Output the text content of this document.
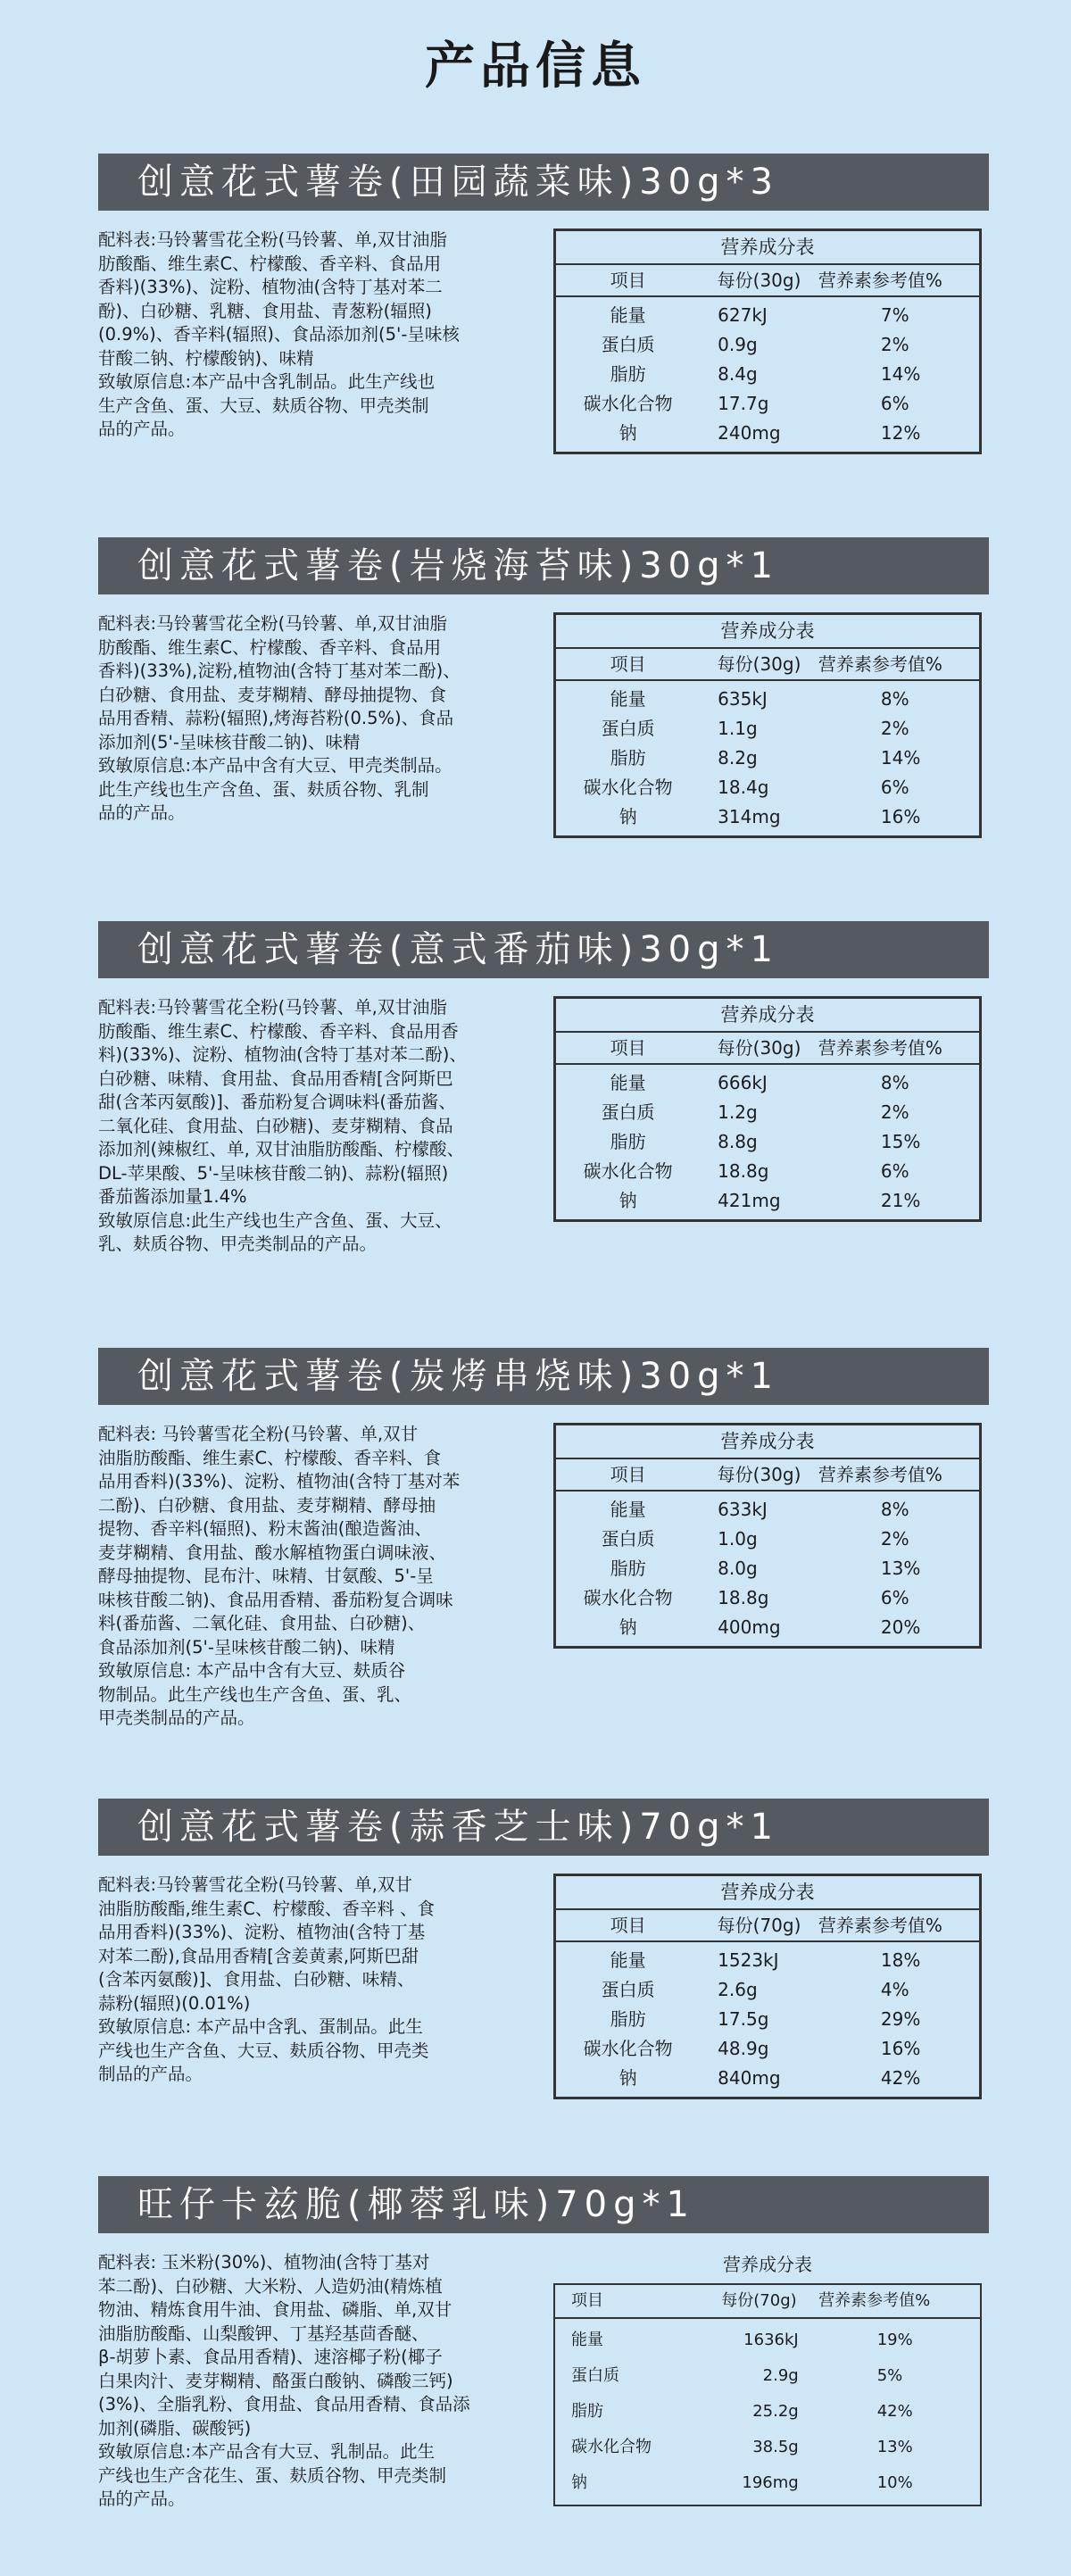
产品信息
创意花式薯卷(田园蔬菜味)30g*3

配料表:马铃薯雪花全粉(马铃薯、单,双甘油脂

肪酸酯、维生素C、柠檬酸、香辛料、食品用

香料)(33%)、淀粉、植物油(含特丁基对苯二

酚)、白砂糖、乳糖、食用盐、青葱粉(辐照)

(0.9%)、香辛料(辐照)、食品添加剂(5'-呈味核

苷酸二钠、柠檬酸钠)、味精

致敏原信息:本产品中含乳制品。此生产线也

生产含鱼、蛋、大豆、麸质谷物、甲壳类制

品的产品。

营养成分表
项目	每份(30g) 营养素参考值%
能量	627kJ	7%
蛋白质	0.9g	2%
脂肪	8.4g	14%
碳水化合物	17.7g	6%
钠	240mg	12%
创意花式薯卷(岩烧海苔味)30g*1

配料表:马铃薯雪花全粉(马铃薯、单,双甘油脂

肪酸酯、维生素C、柠檬酸、香辛料、食品用

香料)(33%),淀粉,植物油(含特丁基对苯二酚)、

白砂糖、食用盐、麦芽糊精、酵母抽提物、食

品用香精、蒜粉(辐照),烤海苔粉(0.5%)、食品

添加剂(5'-呈味核苷酸二钠)、味精

致敏原信息:本产品中含有大豆、甲壳类制品。

此生产线也生产含鱼、蛋、麸质谷物、乳制

品的产品。

营养成分表
项目	每份(30g) 营养素参考值%
能量	635kJ	8%
蛋白质	1.1g	2%
脂肪	8.2g	14%
碳水化合物	18.4g	6%
钠	314mg	16%
创意花式薯卷(意式番茄味)30g*1

配料表:马铃薯雪花全粉(马铃薯、单,双甘油脂

肪酸酯、维生素C、柠檬酸、香辛料、食品用香

料)(33%)、淀粉、植物油(含特丁基对苯二酚)、

白砂糖、味精、食用盐、食品用香精[含阿斯巴

甜(含苯丙氨酸)]、番茄粉复合调味料(番茄酱、

二氧化硅、食用盐、白砂糖)、麦芽糊精、食品

添加剂(辣椒红、单, 双甘油脂肪酸酯、柠檬酸、

DL-苹果酸、5'-呈味核苷酸二钠)、蒜粉(辐照)

番茄酱添加量1.4%

致敏原信息:此生产线也生产含鱼、蛋、大豆、

乳、麸质谷物、甲壳类制品的产品。

营养成分表
项目	每份(30g) 营养素参考值%
能量	666kJ	8%
蛋白质	1.2g	2%
脂肪	8.8g	15%
碳水化合物	18.8g	6%
钠	421mg	21%
创意花式薯卷(炭烤串烧味)30g*1

配料表: 马铃薯雪花全粉(马铃薯、单,双甘

油脂肪酸酯、维生素C、柠檬酸、香辛料、食

品用香料)(33%)、淀粉、植物油(含特丁基对苯

二酚)、白砂糖、食用盐、麦芽糊精、酵母抽

提物、香辛料(辐照)、粉末酱油(酿造酱油、

麦芽糊精、食用盐、酸水解植物蛋白调味液、

酵母抽提物、昆布汁、味精、甘氨酸、5'-呈

味核苷酸二钠)、食品用香精、番茄粉复合调味

料(番茄酱、二氧化硅、食用盐、白砂糖)、

食品添加剂(5'-呈味核苷酸二钠)、味精

致敏原信息: 本产品中含有大豆、麸质谷

物制品。此生产线也生产含鱼、蛋、乳、

甲壳类制品的产品。

营养成分表
项目	每份(30g) 营养素参考值%
能量	633kJ	8%
蛋白质	1.0g	2%
脂肪	8.0g	13%
碳水化合物	18.8g	6%
钠	400mg	20%
创意花式薯卷(蒜香芝士味)70g*1

配料表:马铃薯雪花全粉(马铃薯、单,双甘

油脂肪酸酯,维生素C、柠檬酸、香辛料 、食

品用香料)(33%)、淀粉、植物油(含特丁基

对苯二酚),食品用香精[含姜黄素,阿斯巴甜

(含苯丙氨酸)]、食用盐、白砂糖、味精、

蒜粉(辐照)(0.01%)

致敏原信息: 本产品中含乳、蛋制品。此生

产线也生产含鱼、大豆、麸质谷物、甲壳类

制品的产品。

营养成分表
项目	每份(70g) 营养素参考值%
能量	1523kJ	18%
蛋白质	2.6g	4%
脂肪	17.5g	29%
碳水化合物	48.9g	16%
钠	840mg	42%
旺仔卡兹脆(椰蓉乳味)70g*1

配料表: 玉米粉(30%)、植物油(含特丁基对

苯二酚)、白砂糖、大米粉、人造奶油(精炼植

物油、精炼食用牛油、食用盐、磷脂、单,双甘

油脂肪酸酯、山梨酸钾、丁基羟基茴香醚、

β-胡萝卜素、食品用香精)、速溶椰子粉(椰子

白果肉汁、麦芽糊精、酪蛋白酸钠、磷酸三钙)

(3%)、全脂乳粉、食用盐、食品用香精、食品添

加剂(磷脂、碳酸钙)

致敏原信息:本产品含有大豆、乳制品。此生

产线也生产含花生、蛋、麸质谷物、甲壳类制

品的产品。

营养成分表
项目	每份(70g)	营养素参考值%
能量	1636kJ	19%
蛋白质	2.9g	5%
脂肪	25.2g	42%
碳水化合物	38.5g	13%
钠	196mg	10%
